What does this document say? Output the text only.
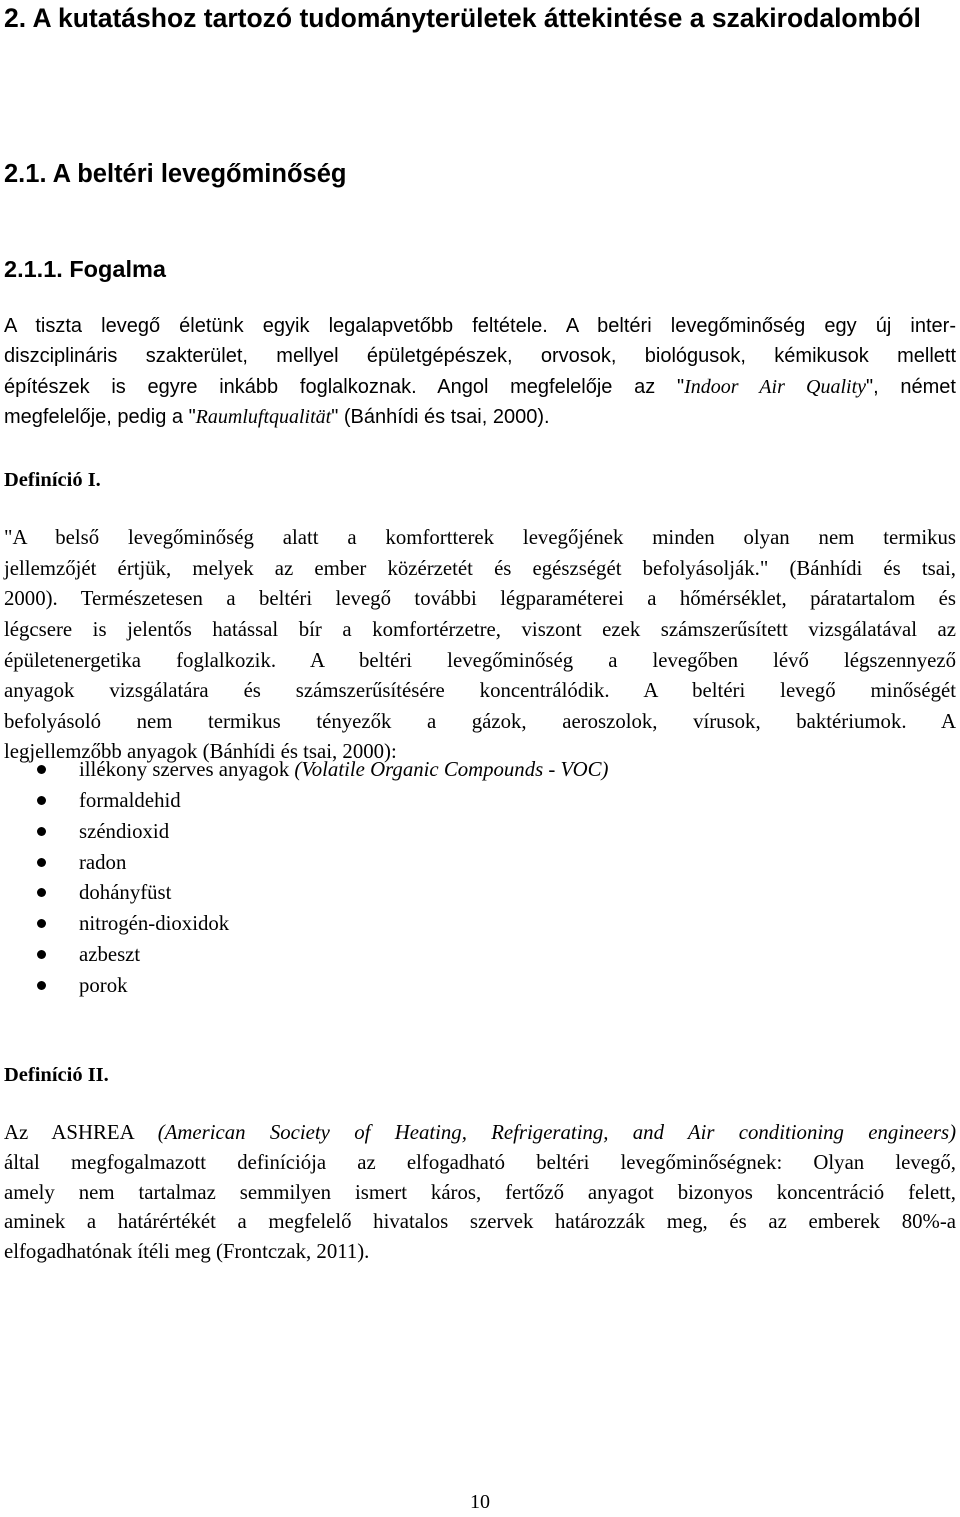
2. A kutatáshoz tartozó tudományterületek áttekintése a szakirodalomból
2.1. A beltéri levegőminőség
2.1.1. Fogalma
A tiszta levegő életünk egyik legalapvetőbb feltétele. A beltéri levegőminőség egy új inter-
diszciplináris szakterület, mellyel épületgépészek, orvosok, biológusok, kémikusok mellett
építészek is egyre inkább foglalkoznak. Angol megfelelője az "Indoor Air Quality", német
megfelelője, pedig a "Raumluftqualität" (Bánhídi és tsai, 2000).
Definíció I.
"A belső levegőminőség alatt a komfortterek levegőjének minden olyan nem termikus
jellemzőjét értjük, melyek az ember közérzetét és egészségét befolyásolják." (Bánhídi és tsai,
2000). Természetesen a beltéri levegő további légparaméterei a hőmérséklet, páratartalom és
légcsere is jelentős hatással bír a komfortérzetre, viszont ezek számszerűsített vizsgálatával az
épületenergetika foglalkozik. A beltéri levegőminőség a levegőben lévő légszennyező
anyagok vizsgálatára és számszerűsítésére koncentrálódik. A beltéri levegő minőségét
befolyásoló nem termikus tényezők a gázok, aeroszolok, vírusok, baktériumok. A
legjellemzőbb anyagok (Bánhídi és tsai, 2000):
illékony szerves anyagok (Volatile Organic Compounds - VOC)
formaldehid
széndioxid
radon
dohányfüst
nitrogén-dioxidok
azbeszt
porok
Definíció II.
Az ASHREA (American Society of Heating, Refrigerating, and Air conditioning engineers)
által megfogalmazott definíciója az elfogadható beltéri levegőminőségnek: Olyan levegő,
amely nem tartalmaz semmilyen ismert káros, fertőző anyagot bizonyos koncentráció felett,
aminek a határértékét a megfelelő hivatalos szervek határozzák meg, és az emberek 80%-a
elfogadhatónak ítéli meg (Frontczak, 2011).
10
